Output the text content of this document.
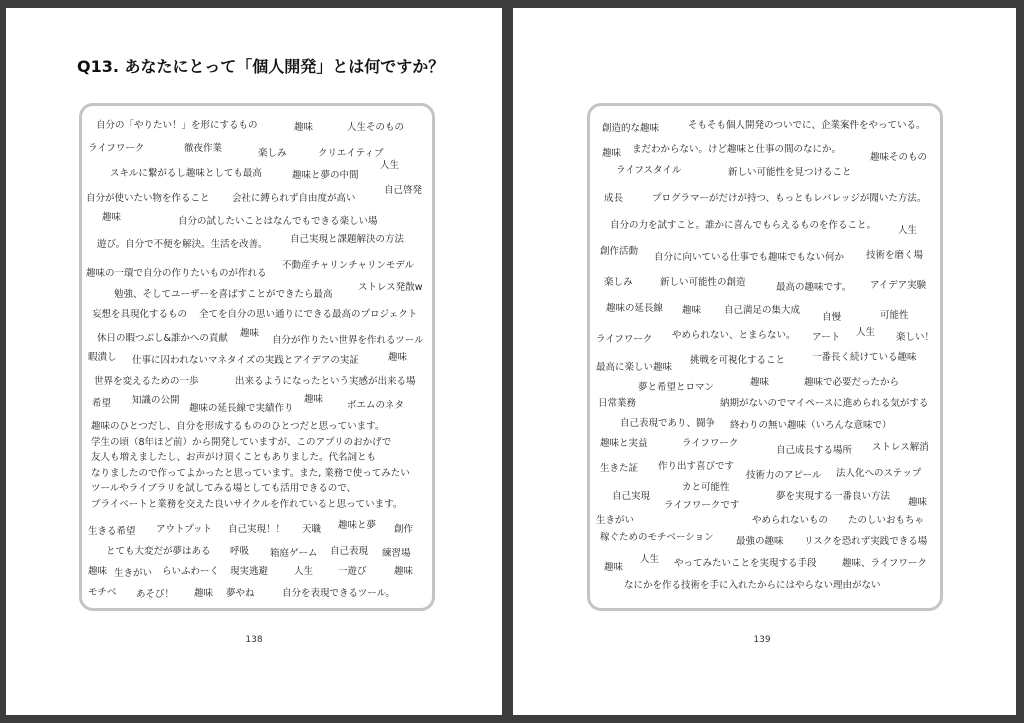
Q13. あなたにとって「個人開発」とは何ですか？
自分の「やりたい！」を形にするもの	趣味	人生そのもの
ライフワーク	徹夜作業	楽しみ	クリエイティブ
スキルに繋がるし趣味としても最高	趣味と夢の中間
人生
自分が使いたい物を作ること 会社に縛られず自由度が高い
自己啓発
趣味	自分の試したいことはなんでもできる楽しい場
遊び。自分で不便を解決。生活を改善。 自己実現と課題解決の方法
趣味の一環で自分の作りたいものが作れる
不動産チャリンチャリンモデル
勉強、そしてユーザーを喜ばすことができたら最高
ストレス発散w
妄想を具現化するもの 全てを自分の思い通りにできる最高のプロジェクト
休日の暇つぶし&誰かへの貢献 趣味
自分が作りたい世界を作れるツール
暇潰し 仕事に囚われないマネタイズの実践とアイデアの実証	趣味
世界を変えるための一歩	出来るようになったという実感が出来る場
希望 知識の公開	趣味
趣味の延長線で実績作り	ボエムのネタ
趣味のひとつだし、自分を形成するもののひとつだと思っています。
学生の頃（8年ほど前）から開発していますが、このアプリのおかげで
友人も増えましたし、お声がけ頂くこともありました。代名詞とも
なりましたので作ってよかったと思っています。また, 業務で使ってみたい
ツールやライブラリを試してみる場としても活用できるので、
プライベートと業務を交えた良いサイクルを作れていると思っています。
生きる希望 アウトプット 自己実現！！ 天職 趣味と夢 創作
とても大変だが夢はある 呼吸 箱庭ゲーム 自己表現 練習場
趣味 生きがい らいふわーく 現実逃避	人生	一遊び	趣味
モチベ あそび！ 趣味 夢やね	自分を表現できるツール。
138
創造的な趣味	そもそも個人開発のついでに、企業案件をやっている。
趣味 まだわからない。けど趣味と仕事の間のなにか。
趣味そのもの
ライフスタイル	新しい可能性を見つけること
成長	プログラマーがだけが持つ、もっともレバレッジが聞いた方法。
自分の力を試すこと。誰かに喜んでもらえるものを作ること。 人生
創作活動
自分に向いている仕事でも趣味でもない何か 技術を磨く場
楽しみ	新しい可能性の創造	最高の趣味です。 アイデア実験
趣味の延長線 趣味 自己満足の集大成
自慢	可能性
ライフワーク やめられない、とまらない。 アート 人生 楽しい！
挑戦を可視化すること	一番長く続けている趣味
最高に楽しい趣味
夢と希望とロマン	趣味	趣味で必要だったから
日常業務	納期がないのでマイペースに進められる気がする
自己表現であり、闘争 終わりの無い趣味（いろんな意味で）
趣味と実益	ライフワーク	ストレス解消
自己成長する場所
生きた証 作り出す喜びです
技術力のアピール 法人化へのステップ
カと可能性
自己実現	夢を実現する一番良い方法
ライフワークです	趣味
生きがい	やめられないもの たのしいおもちゃ
稼ぐためのモチベーション 最強の趣味 リスクを恐れず実践できる場
人生
趣味	やってみたいことを実現する手段	趣味、ライフワーク
なにかを作る技術を手に入れたからにはやらない理由がない
139
